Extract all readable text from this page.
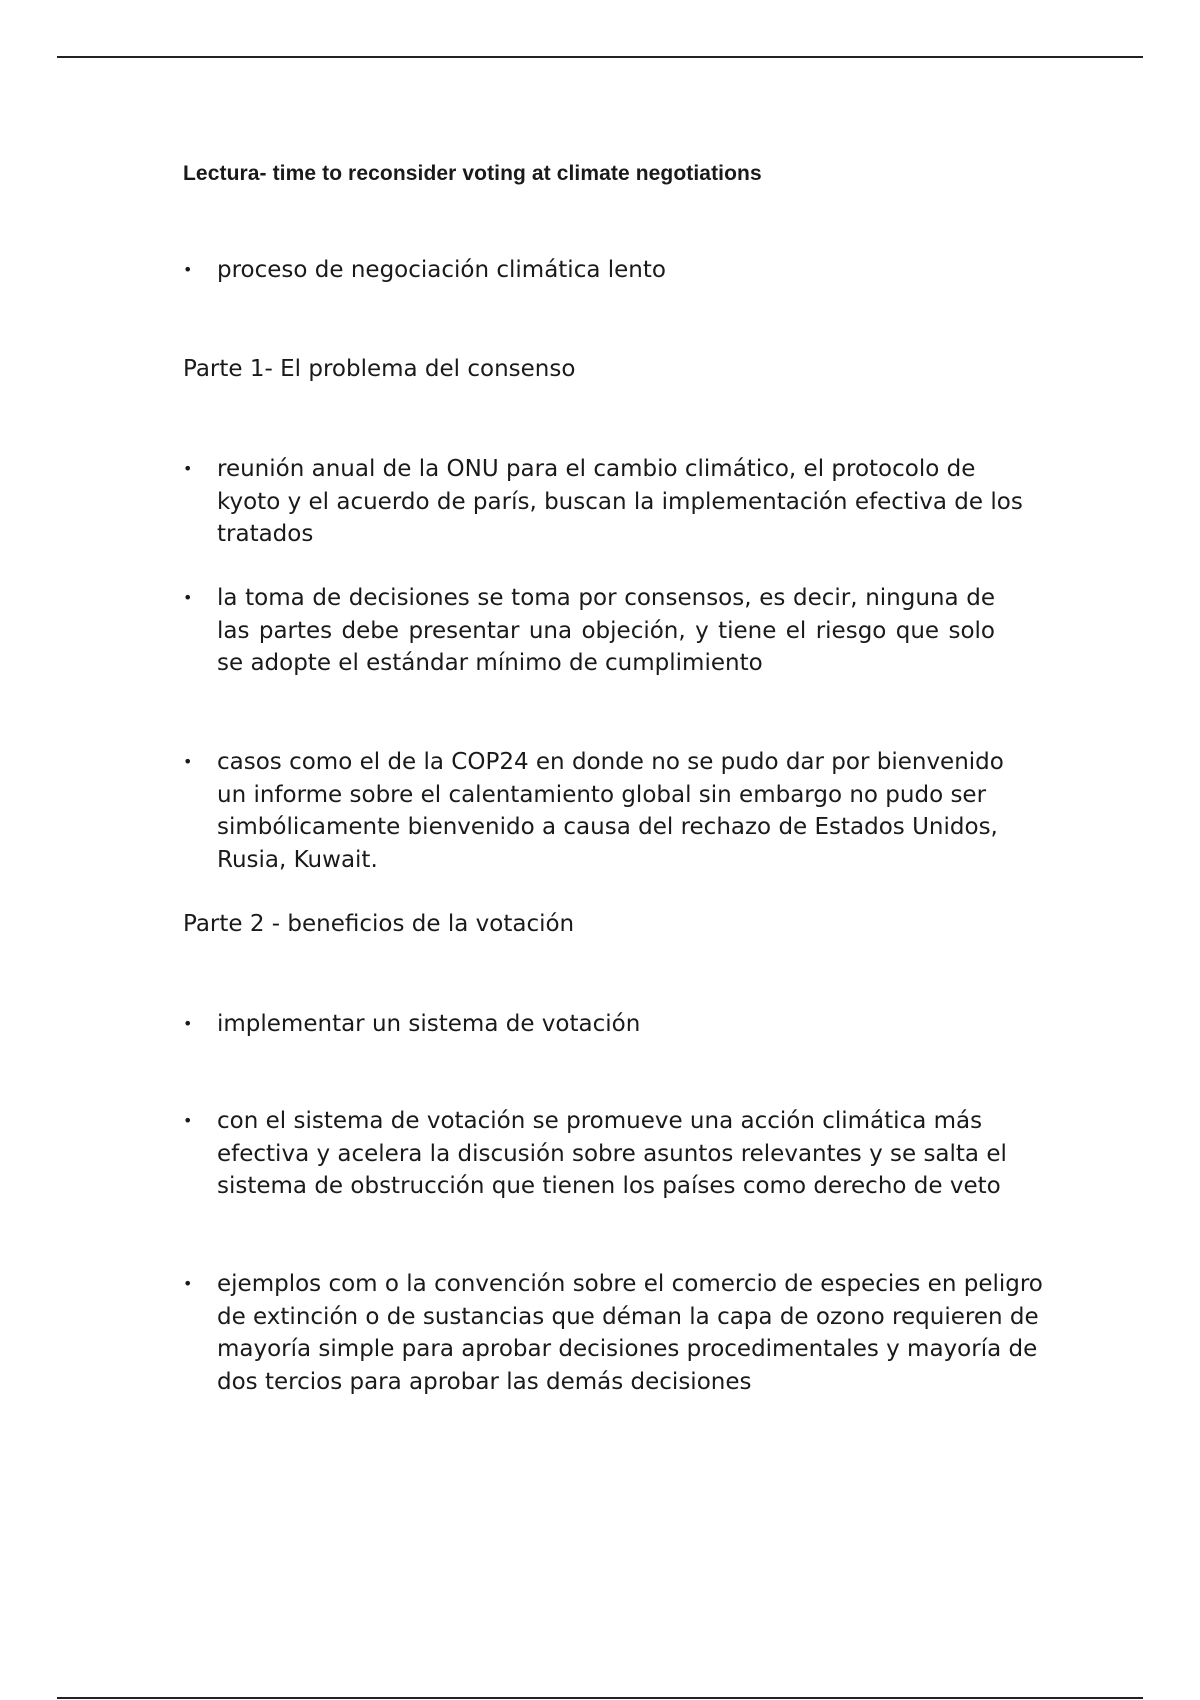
Lectura- time to reconsider voting at climate negotiations
•	proceso de negociación climática lento
Parte 1- El problema del consenso
•	reunión anual de la ONU para el cambio climático, el protocolo de kyoto y el acuerdo de parís, buscan la implementación efectiva de los tratados
•	la toma de decisiones se toma por consensos, es decir, ninguna de las partes debe presentar una objeción, y tiene el riesgo que solo se adopte el estándar mínimo de cumplimiento
•	casos como el de la COP24 en donde no se pudo dar por bienvenido un informe sobre el calentamiento global sin embargo no pudo ser simbólicamente bienvenido a causa del rechazo de Estados Unidos, Rusia, Kuwait.
Parte 2 - beneficios de la votación
•	implementar un sistema de votación
•	con el sistema de votación se promueve una acción climática más efectiva y acelera la discusión sobre asuntos relevantes y se salta el sistema de obstrucción que tienen los países como derecho de veto
•	ejemplos com o la convención sobre el comercio de especies en peligro de extinción o de sustancias que déman la capa de ozono requieren de mayoría simple para aprobar decisiones procedimentales y mayoría de dos tercios para aprobar las demás decisiones
